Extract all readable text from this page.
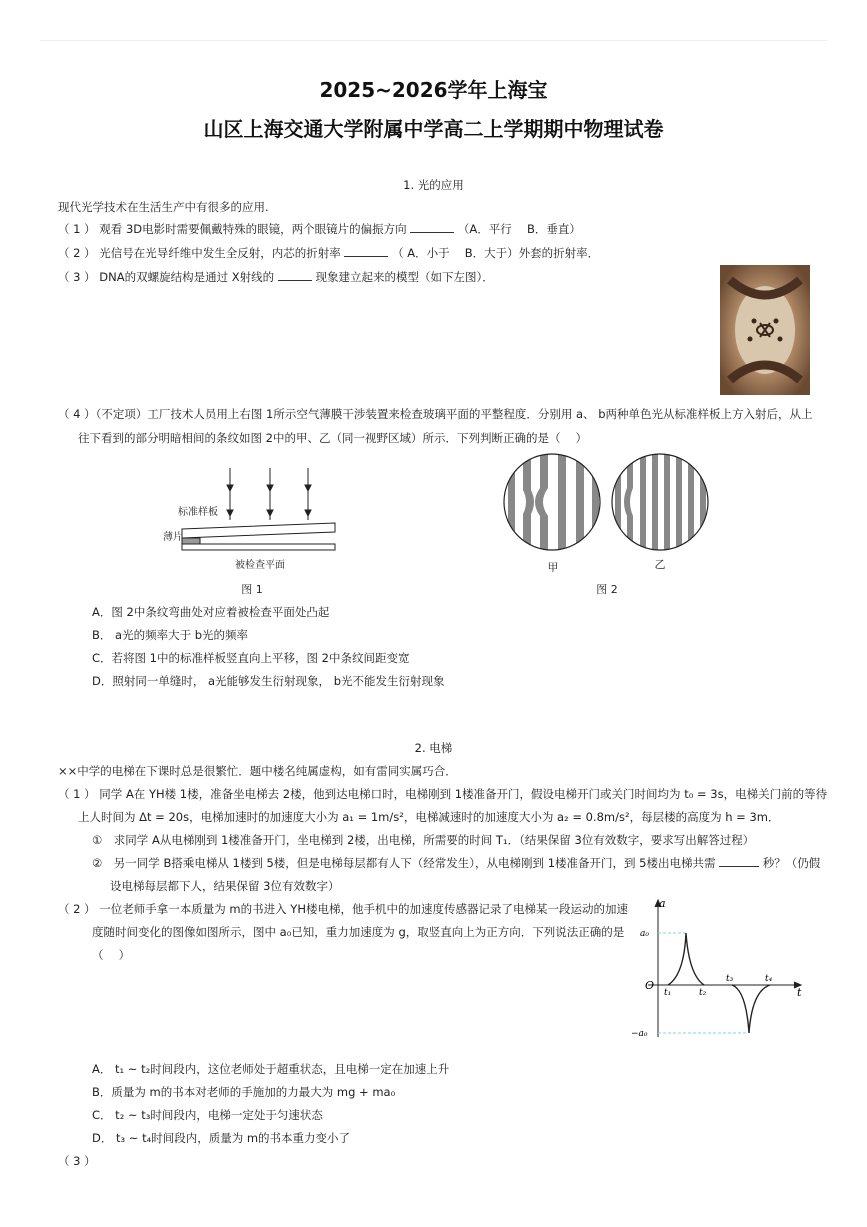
2025~2026学年上海宝
山区上海交通大学附属中学高二上学期期中物理试卷
1. 光的应用
现代光学技术在生活生产中有很多的应用.
（ 1 ） 观看 3D电影时需要佩戴特殊的眼镜，两个眼镜片的偏振方向	（A．平行　 B．垂直）
（ 2 ） 光信号在光导纤维中发生全反射，内芯的折射率	（ A．小于　 B．大于）外套的折射率．
（ 3 ） DNA的双螺旋结构是通过 X射线的	现象建立起来的模型（如下左图）．
（ 4 ）（不定项）工厂技术人员用上右图 1所示空气薄膜干涉装置来检查玻璃平面的平整程度．分别用 a、 b两种单色光从标准样板上方入射后，从上
往下看到的部分明暗相间的条纹如图 2中的甲、乙（同一视野区域）所示．下列判断正确的是（　 ）
标准样板
薄片
被检查平面
图 1
甲	乙
图 2
A．图 2中条纹弯曲处对应着被检查平面处凸起
B． a光的频率大于 b光的频率
C．若将图 1中的标准样板竖直向上平移，图 2中条纹间距变宽
D．照射同一单缝时， a光能够发生衍射现象， b光不能发生衍射现象
2. 电梯
××中学的电梯在下课时总是很繁忙．题中楼名纯属虚构，如有雷同实属巧合．
（ 1 ） 同学 A在 YH楼 1楼，准备坐电梯去 2楼，他到达电梯口时，电梯刚到 1楼准备开门，假设电梯开门或关门时间均为 t₀ = 3s，电梯关门前的等待
上人时间为 Δt = 20s，电梯加速时的加速度大小为 a₁ = 1m/s²，电梯减速时的加速度大小为 a₂ = 0.8m/s²，每层楼的高度为 h = 3m．
①　求同学 A从电梯刚到 1楼准备开门，坐电梯到 2楼，出电梯，所需要的时间 T₁．（结果保留 3位有效数字，要求写出解答过程）
②　另一同学 B搭乘电梯从 1楼到 5楼，但是电梯每层都有人下（经常发生），从电梯刚到 1楼准备开门，到 5楼出电梯共需	秒？（仍假
设电梯每层都下人，结果保留 3位有效数字）
（ 2 ） 一位老师手拿一本质量为 m的书进入 YH楼电梯，他手机中的加速度传感器记录了电梯某一段运动的加速
度随时间变化的图像如图所示，图中 a₀已知，重力加速度为 g，取竖直向上为正方向．下列说法正确的是
（　 ）
a
t
O
a₀
−a₀
t₁	t₂
t₃	t₄
A． t₁ ~ t₂时间段内，这位老师处于超重状态，且电梯一定在加速上升
B．质量为 m的书本对老师的手施加的力最大为 mg + ma₀
C． t₂ ~ t₃时间段内，电梯一定处于匀速状态
D． t₃ ~ t₄时间段内，质量为 m的书本重力变小了
（ 3 ）
